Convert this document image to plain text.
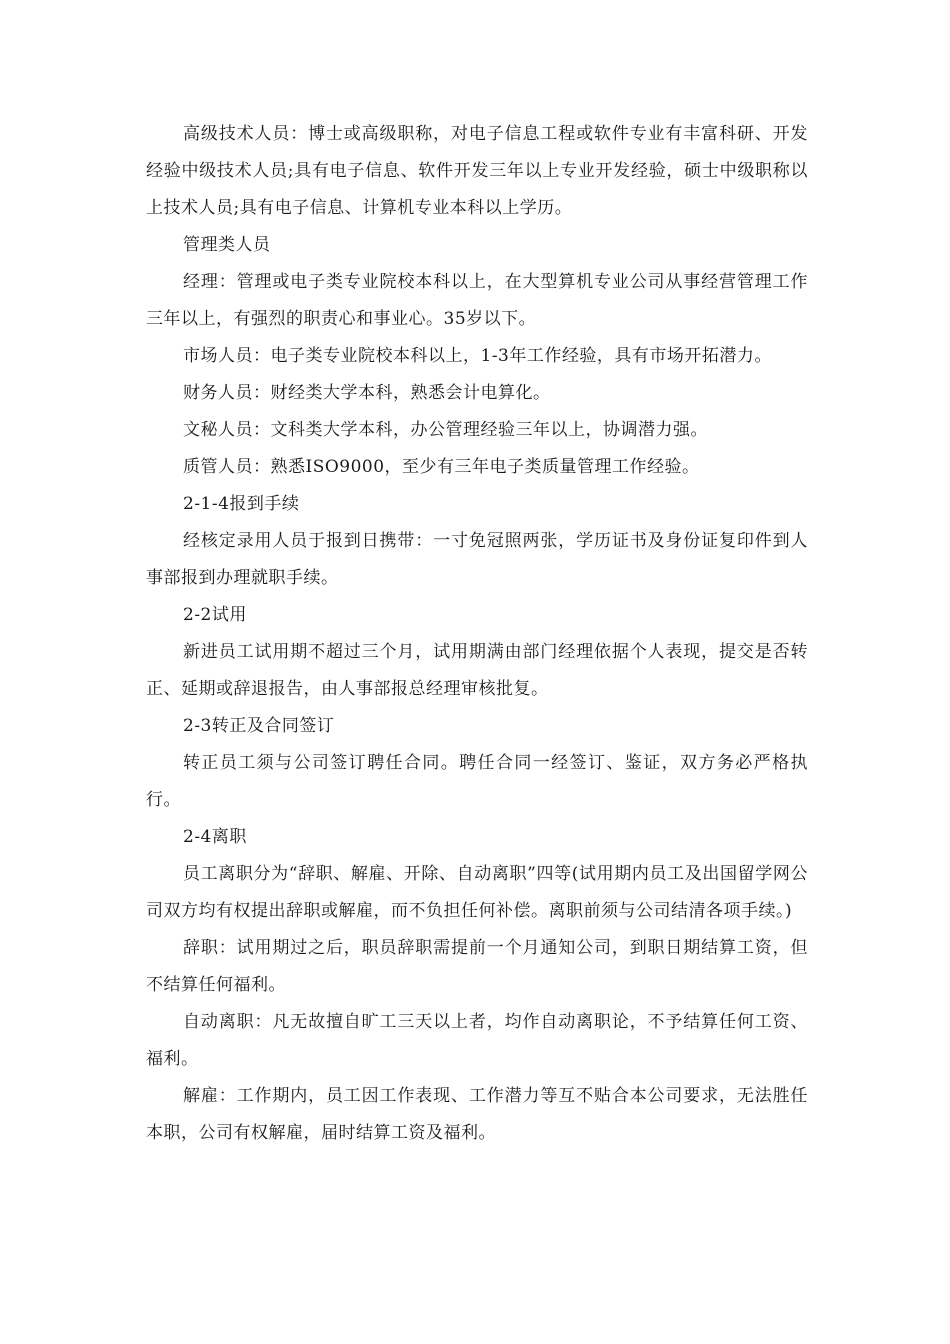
高级技术人员：博士或高级职称，对电子信息工程或软件专业有丰富科研、开发经验中级技术人员;具有电子信息、软件开发三年以上专业开发经验，硕士中级职称以上技术人员;具有电子信息、计算机专业本科以上学历。

管理类人员

经理：管理或电子类专业院校本科以上，在大型算机专业公司从事经营管理工作三年以上，有强烈的职责心和事业心。35岁以下。

市场人员：电子类专业院校本科以上，1-3年工作经验，具有市场开拓潜力。

财务人员：财经类大学本科，熟悉会计电算化。

文秘人员：文科类大学本科，办公管理经验三年以上，协调潜力强。

质管人员：熟悉ISO9000，至少有三年电子类质量管理工作经验。

2-1-4报到手续

经核定录用人员于报到日携带：一寸免冠照两张，学历证书及身份证复印件到人事部报到办理就职手续。

2-2试用

新进员工试用期不超过三个月，试用期满由部门经理依据个人表现，提交是否转正、延期或辞退报告，由人事部报总经理审核批复。

2-3转正及合同签订

转正员工须与公司签订聘任合同。聘任合同一经签订、鉴证，双方务必严格执行。

2-4离职

员工离职分为“辞职、解雇、开除、自动离职”四等(试用期内员工及出国留学网公司双方均有权提出辞职或解雇，而不负担任何补偿。离职前须与公司结清各项手续。)

辞职：试用期过之后，职员辞职需提前一个月通知公司，到职日期结算工资，但不结算任何福利。

自动离职：凡无故擅自旷工三天以上者，均作自动离职论，不予结算任何工资、福利。

解雇：工作期内，员工因工作表现、工作潜力等互不贴合本公司要求，无法胜任本职，公司有权解雇，届时结算工资及福利。
